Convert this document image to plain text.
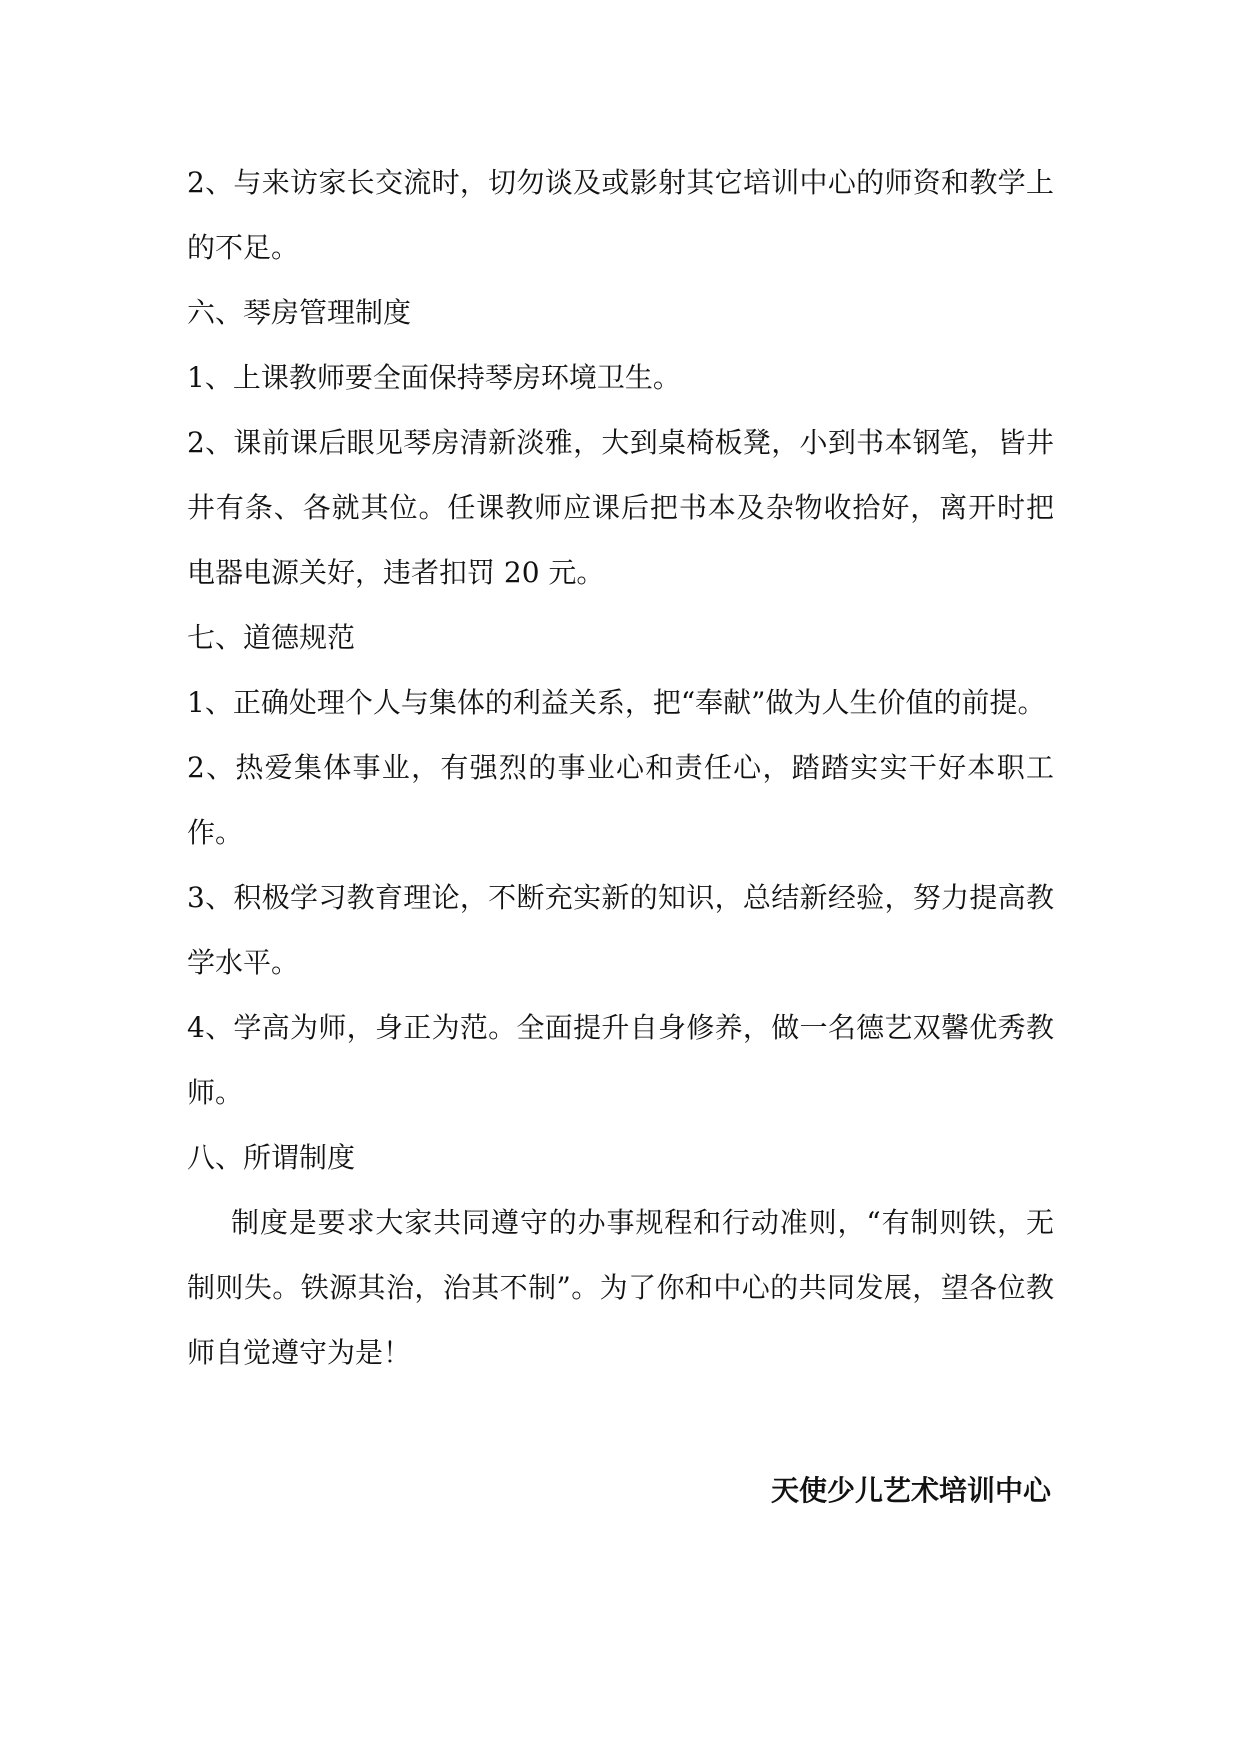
2、与来访家长交流时，切勿谈及或影射其它培训中心的师资和教学上的不足。

六、琴房管理制度

1、上课教师要全面保持琴房环境卫生。

2、课前课后眼见琴房清新淡雅，大到桌椅板凳，小到书本钢笔，皆井井有条、各就其位。任课教师应课后把书本及杂物收拾好，离开时把电器电源关好，违者扣罚 20 元。

七、道德规范

1、正确处理个人与集体的利益关系，把“奉献”做为人生价值的前提。

2、热爱集体事业，有强烈的事业心和责任心，踏踏实实干好本职工作。

3、积极学习教育理论，不断充实新的知识，总结新经验，努力提高教学水平。

4、学高为师，身正为范。全面提升自身修养，做一名德艺双馨优秀教师。

八、所谓制度

制度是要求大家共同遵守的办事规程和行动准则，“有制则铁，无制则失。铁源其治，治其不制”。为了你和中心的共同发展，望各位教师自觉遵守为是！

天使少儿艺术培训中心
